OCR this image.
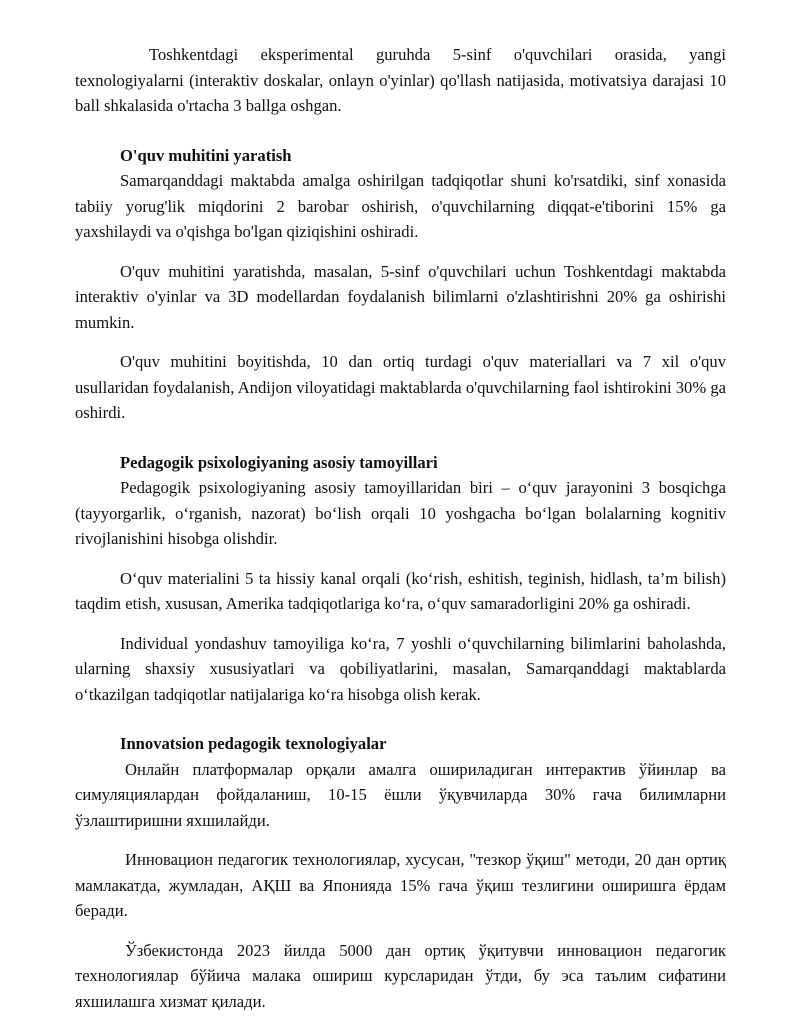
Toshkentdagi eksperimental guruhda 5-sinf o'quvchilari orasida, yangi texnologiyalarni (interaktiv doskalar, onlayn o'yinlar) qo'llash natijasida, motivatsiya darajasi 10 ball shkalasida o'rtacha 3 ballga oshgan.

O'quv muhitini yaratish

Samarqanddagi maktabda amalga oshirilgan tadqiqotlar shuni ko'rsatdiki, sinf xonasida tabiiy yorug'lik miqdorini 2 barobar oshirish, o'quvchilarning diqqat-e'tiborini 15% ga yaxshilaydi va o'qishga bo'lgan qiziqishini oshiradi.

O'quv muhitini yaratishda, masalan, 5-sinf o'quvchilari uchun Toshkentdagi maktabda interaktiv o'yinlar va 3D modellardan foydalanish bilimlarni o'zlashtirishni 20% ga oshirishi mumkin.

O'quv muhitini boyitishda, 10 dan ortiq turdagi o'quv materiallari va 7 xil o'quv usullaridan foydalanish, Andijon viloyatidagi maktablarda o'quvchilarning faol ishtirokini 30% ga oshirdi.

Pedagogik psixologiyaning asosiy tamoyillari

Pedagogik psixologiyaning asosiy tamoyillaridan biri – o‘quv jarayonini 3 bosqichga (tayyorgarlik, o‘rganish, nazorat) bo‘lish orqali 10 yoshgacha bo‘lgan bolalarning kognitiv rivojlanishini hisobga olishdir.

O‘quv materialini 5 ta hissiy kanal orqali (ko‘rish, eshitish, teginish, hidlash, ta’m bilish) taqdim etish, xususan, Amerika tadqiqotlariga ko‘ra, o‘quv samaradorligini 20% ga oshiradi.

Individual yondashuv tamoyiliga ko‘ra, 7 yoshli o‘quvchilarning bilimlarini baholashda, ularning shaxsiy xususiyatlari va qobiliyatlarini, masalan, Samarqanddagi maktablarda o‘tkazilgan tadqiqotlar natijalariga ko‘ra hisobga olish kerak.

Innovatsion pedagogik texnologiyalar

Онлайн платформалар орқали амалга ошириладиган интерактив ўйинлар ва симуляциялардан фойдаланиш, 10-15 ёшли ўқувчиларда 30% гача билимларни ўзлаштиришни яхшилайди.

Инновацион педагогик технологиялар, хусусан, "тезкор ўқиш" методи, 20 дан ортиқ мамлакатда, жумладан, АҚШ ва Японияда 15% гача ўқиш тезлигини оширишга ёрдам беради.

Ўзбекистонда 2023 йилда 5000 дан ортиқ ўқитувчи инновацион педагогик технологиялар бўйича малака ошириш курсларидан ўтди, бу эса таълим сифатини яхшилашга хизмат қилади.
